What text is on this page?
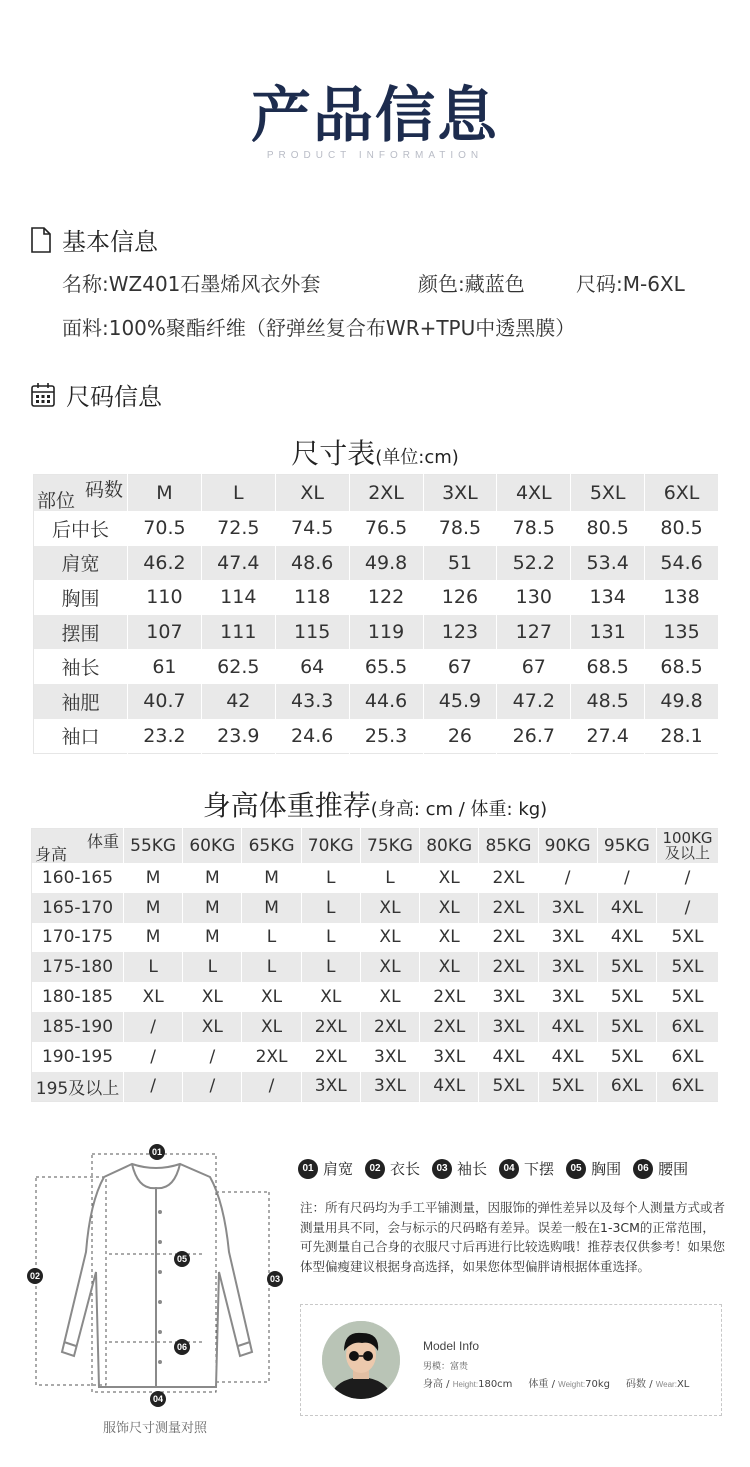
产品信息
PRODUCT INFORMATION
基本信息
名称:WZ401石墨烯风衣外套	颜色:藏蓝色	尺码:M-6XL
面料:100%聚酯纤维（舒弹丝复合布WR+TPU中透黑膜）
尺码信息
尺寸表(单位:cm)
码数
部位	M	L	XL	2XL	3XL	4XL	5XL	6XL
后中长	70.5	72.5	74.5	76.5	78.5	78.5	80.5	80.5
肩宽	46.2	47.4	48.6	49.8	51	52.2	53.4	54.6
胸围	110	114	118	122	126	130	134	138
摆围	107	111	115	119	123	127	131	135
袖长	61	62.5	64	65.5	67	67	68.5	68.5
袖肥	40.7	42	43.3	44.6	45.9	47.2	48.5	49.8
袖口	23.2	23.9	24.6	25.3	26	26.7	27.4	28.1
身高体重推荐(身高: cm / 体重: kg)
体重
身高	55KG	60KG	65KG	70KG	75KG	80KG	85KG	90KG	95KG	100KG
及以上

160-165	M	M	M	L	L	XL	2XL	/	/	/
165-170	M	M	M	L	XL	XL	2XL	3XL	4XL	/
170-175	M	M	L	L	XL	XL	2XL	3XL	4XL	5XL
175-180	L	L	L	L	XL	XL	2XL	3XL	5XL	5XL
180-185	XL	XL	XL	XL	XL	2XL	3XL	3XL	5XL	5XL
185-190	/	XL	XL	2XL	2XL	2XL	3XL	4XL	5XL	6XL
190-195	/	/	2XL	2XL	3XL	3XL	4XL	4XL	5XL	6XL
195及以上	/	/	/	3XL	3XL	4XL	5XL	5XL	6XL	6XL
01
02	03
04
05
06
服饰尺寸测量对照
01 肩宽	02 衣长	03 袖长	04 下摆	05 胸围	06 腰围
注：所有尺码均为手工平铺测量，因服饰的弹性差异以及每个人测量方式或者测量用具不同，会与标示的尺码略有差异。误差一般在1-3CM的正常范围，可先测量自己合身的衣服尺寸后再进行比较选购哦！推荐表仅供参考！如果您体型偏瘦建议根据身高选择，如果您体型偏胖请根据体重选择。
Model Info
男模：富贵
身高 / Height:180cm 体重 / Weight:70kg 码数 / Wear:XL
